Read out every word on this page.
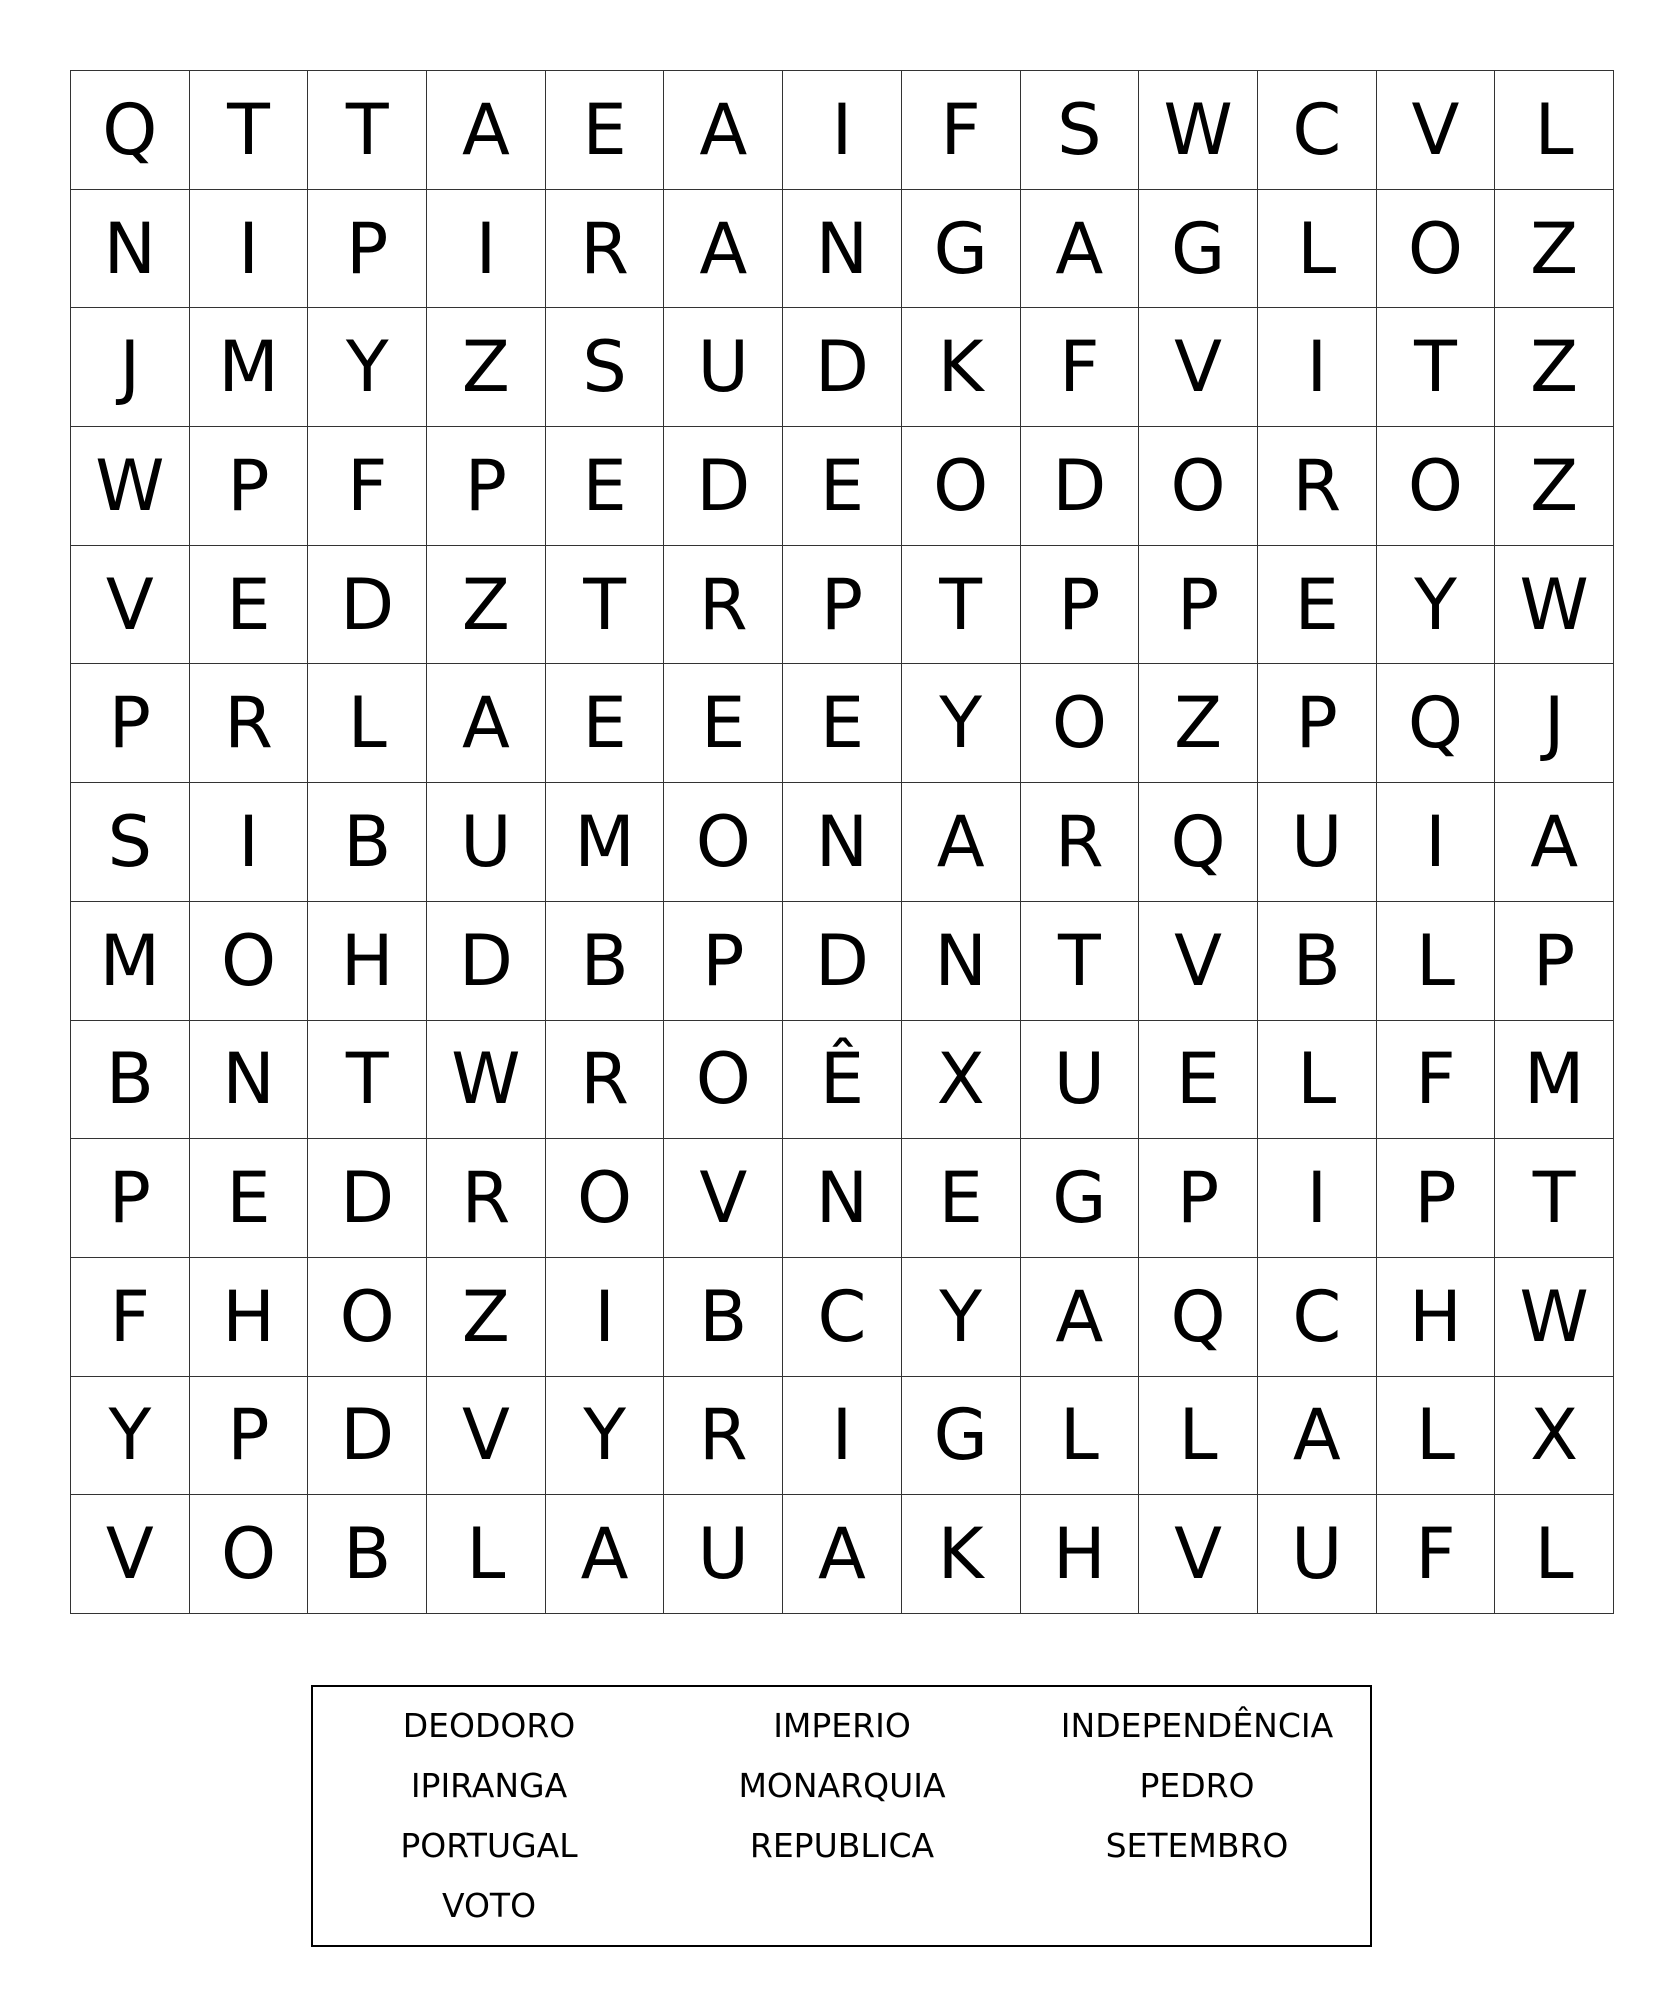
Q T	T	A	E	A	I	F	S W C	V	L
N	I	P	I	R	A N G A G	L	O Z
J	M Y	Z	S	U D K	F	V	I	T	Z
W P	F	P	E D E O D O R O Z
V	E D Z	T	R	P	T	P	P	E	Y W
P	R	L	A	E	E	E	Y O Z	P	Q	J
S	I	B U M O N A	R Q U	I	A
M O H D B	P	D N	T	V	B	L	P
B N	T W R O Ê	X U	E	L	F M
P	E D R O V N	E G	P	I	P	T
F	H O Z	I	B	C	Y	A Q C H W
Y	P	D V	Y	R	I	G	L	L	A	L	X
V O B	L	A U A	K H V U	F	L
DEODORO	IMPERIO	INDEPENDÊNCIA
IPIRANGA	MONARQUIA	PEDRO
PORTUGAL	REPUBLICA	SETEMBRO
VOTO
